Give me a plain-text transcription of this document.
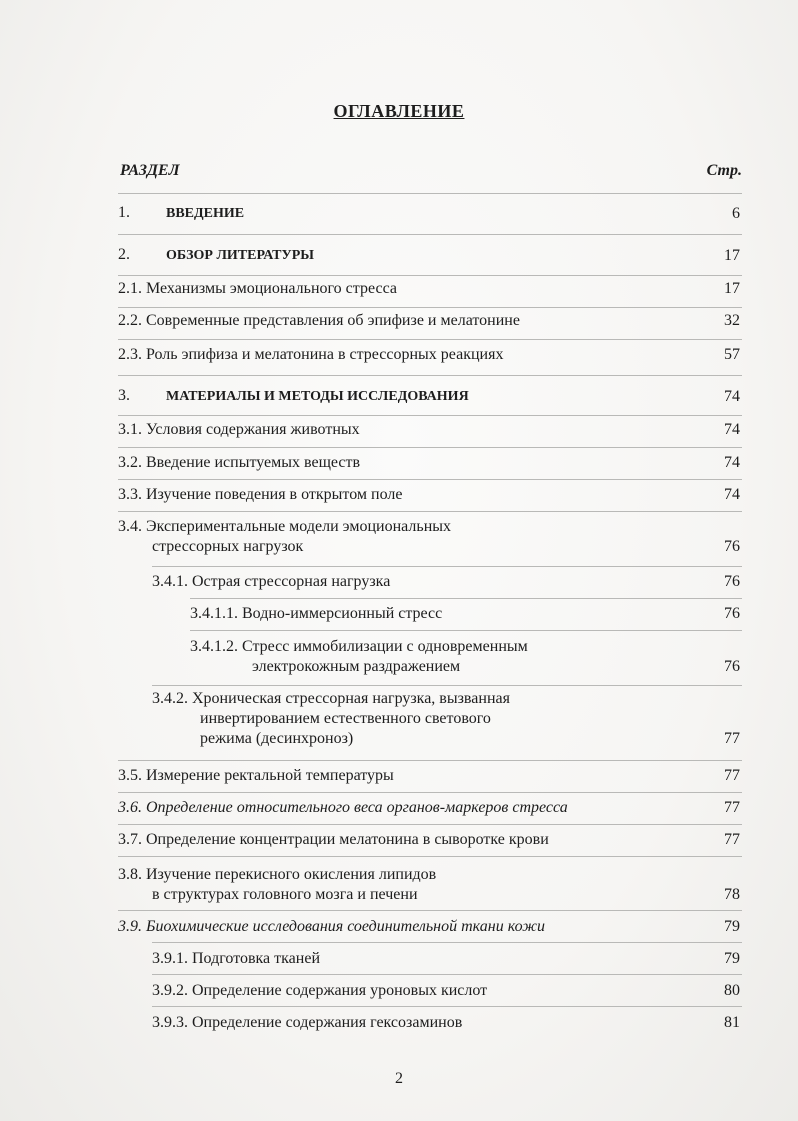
ОГЛАВЛЕНИЕ
РАЗДЕЛ	Стр.
1.	ВВЕДЕНИЕ	6
2.	ОБЗОР ЛИТЕРАТУРЫ	17
2.1. Механизмы эмоционального стресса	17
2.2. Современные представления об эпифизе и мелатонине	32
2.3. Роль эпифиза и мелатонина в стрессорных реакциях	57
3.	МАТЕРИАЛЫ И МЕТОДЫ ИССЛЕДОВАНИЯ	74
3.1. Условия содержания животных	74
3.2. Введение испытуемых веществ	74
3.3. Изучение поведения в открытом поле	74
3.4. Экспериментальные модели эмоциональных
стрессорных нагрузок	76
3.4.1. Острая стрессорная нагрузка	76
3.4.1.1. Водно-иммерсионный стресс	76
3.4.1.2. Стресс иммобилизации с одновременным
электрокожным раздражением	76
3.4.2. Хроническая стрессорная нагрузка, вызванная
инвертированием естественного светового
режима (десинхроноз)	77
3.5. Измерение ректальной температуры	77
3.6. Определение относительного веса органов-маркеров стресса	77
3.7. Определение концентрации мелатонина в сыворотке крови	77
3.8. Изучение перекисного окисления липидов
в структурах головного мозга и печени	78
3.9. Биохимические исследования соединительной ткани кожи	79
3.9.1. Подготовка тканей	79
3.9.2. Определение содержания уроновых кислот	80
3.9.3. Определение содержания гексозаминов	81
2
